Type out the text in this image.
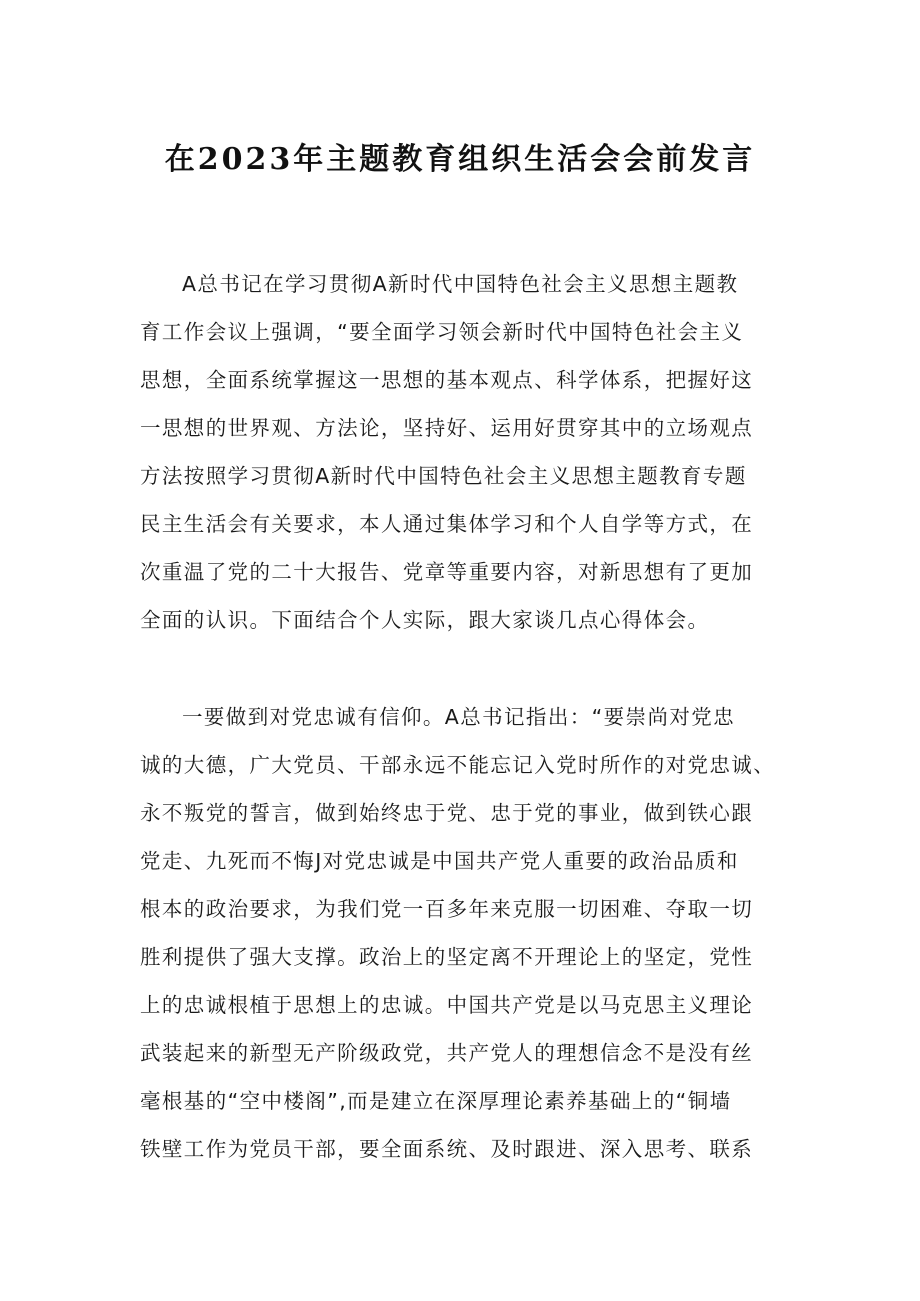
在2023年主题教育组织生活会会前发言
A总书记在学习贯彻A新时代中国特色社会主义思想主题教
育工作会议上强调，“要全面学习领会新时代中国特色社会主义
思想，全面系统掌握这一思想的基本观点、科学体系，把握好这
一思想的世界观、方法论，坚持好、运用好贯穿其中的立场观点
方法按照学习贯彻A新时代中国特色社会主义思想主题教育专题
民主生活会有关要求，本人通过集体学习和个人自学等方式，在
次重温了党的二十大报告、党章等重要内容，对新思想有了更加
全面的认识。下面结合个人实际，跟大家谈几点心得体会。
一要做到对党忠诚有信仰。A总书记指出：“要崇尚对党忠
诚的大德，广大党员、干部永远不能忘记入党时所作的对党忠诚、
永不叛党的誓言，做到始终忠于党、忠于党的事业，做到铁心跟
党走、九死而不悔J对党忠诚是中国共产党人重要的政治品质和
根本的政治要求，为我们党一百多年来克服一切困难、夺取一切
胜利提供了强大支撑。政治上的坚定离不开理论上的坚定，党性
上的忠诚根植于思想上的忠诚。中国共产党是以马克思主义理论
武装起来的新型无产阶级政党，共产党人的理想信念不是没有丝
毫根基的“空中楼阁”,而是建立在深厚理论素养基础上的“铜墙
铁壁工作为党员干部，要全面系统、及时跟进、深入思考、联系
